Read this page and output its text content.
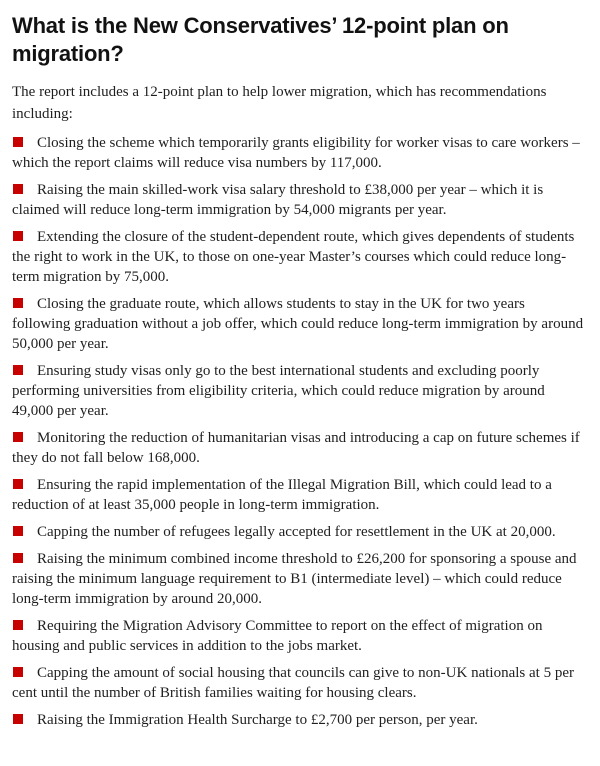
What is the New Conservatives’ 12-point plan on migration?

The report includes a 12-point plan to help lower migration, which has recommendations including:

Closing the scheme which temporarily grants eligibility for worker visas to care workers – which the report claims will reduce visa numbers by 117,000.
Raising the main skilled-work visa salary threshold to £38,000 per year – which it is claimed will reduce long-term immigration by 54,000 migrants per year.
Extending the closure of the student-dependent route, which gives dependents of students the right to work in the UK, to those on one-year Master’s courses which could reduce long-term migration by 75,000.
Closing the graduate route, which allows students to stay in the UK for two years following graduation without a job offer, which could reduce long-term immigration by around 50,000 per year.
Ensuring study visas only go to the best international students and excluding poorly performing universities from eligibility criteria, which could reduce migration by around 49,000 per year.
Monitoring the reduction of humanitarian visas and introducing a cap on future schemes if they do not fall below 168,000.
Ensuring the rapid implementation of the Illegal Migration Bill, which could lead to a reduction of at least 35,000 people in long-term immigration.
Capping the number of refugees legally accepted for resettlement in the UK at 20,000.
Raising the minimum combined income threshold to £26,200 for sponsoring a spouse and raising the minimum language requirement to B1 (intermediate level) – which could reduce long-term immigration by around 20,000.
Requiring the Migration Advisory Committee to report on the effect of migration on housing and public services in addition to the jobs market.
Capping the amount of social housing that councils can give to non-UK nationals at 5 per cent until the number of British families waiting for housing clears.
Raising the Immigration Health Surcharge to £2,700 per person, per year.
